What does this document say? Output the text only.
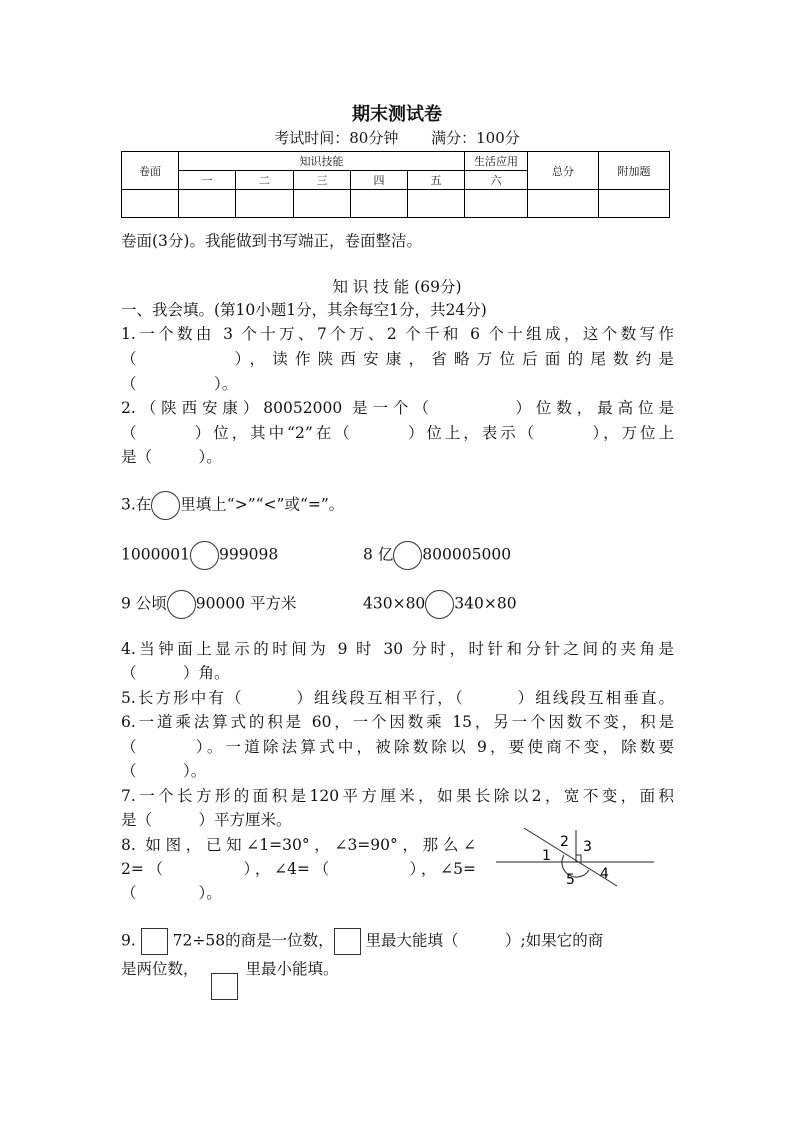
期末测试卷
考试时间：80分钟 满分：100分
卷面	知识技能					生活应用	总分	附加题
	一	二	三	四	五	六		

卷面(3分)。我能做到书写端正，卷面整洁。
知 识 技 能 (69分)
一、我会填。(第10小题1分，其余每空1分，共24分)
1.一个数由 3 个十万、7个万、2 个千和 6 个十组成，这个数写作
（　　　　），读作陕西安康，省略万位后面的尾数约是
（　　　　　）。
2.（陕西安康）80052000 是一个（　　　　）位数，最高位是
（　　　）位，其中“2”在（　　　）位上，表示（　　　），万位上
是（　　　）。
3.在 里填上“>”“<”或“=”。
1000001 999098	8 亿 800005000
9 公顷 90000 平方米	430×80 340×80
4.当钟面上显示的时间为 9 时 30 分时，时针和分针之间的夹角是
（　　　）角。
5.长方形中有（　　　）组线段互相平行，（　　　）组线段互相垂直。
6.一道乘法算式的积是 60，一个因数乘 15，另一个因数不变，积是
（　　　）。一道除法算式中，被除数除以 9，要使商不变，除数要
（　　　）。
7.一个长方形的面积是120平方厘米，如果长除以2，宽不变，面积
是（　　　）平方厘米。
8. 如图，已知∠1=30°，∠3=90°，那么∠
2=（　　　　），∠4=（　　　　），∠5=
（　　　　）。
1
2 3
4
5
9. 72÷58的商是一位数， 里最大能填（　　　）;如果它的商
是两位数，	里最小能填。
